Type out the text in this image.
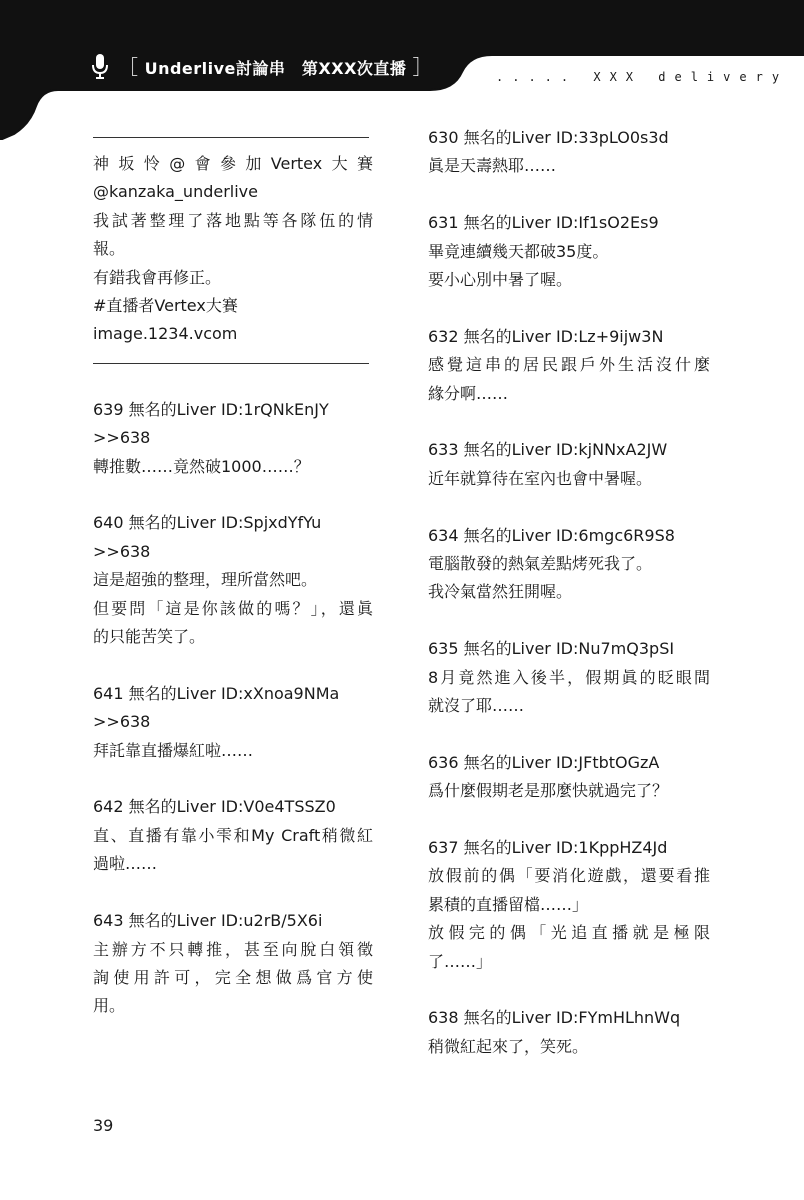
［ Underlive討論串　第XXX次直播 ］	..... XXX delivery
神坂怜@會參加Vertex大賽
@kanzaka_underlive
我試著整理了落地點等各隊伍的情
報。
有錯我會再修正。
#直播者Vertex大賽
image.1234.vcom
639 無名的Liver ID:1rQNkEnJY
>>638
轉推數……竟然破1000……？
640 無名的Liver ID:SpjxdYfYu
>>638
這是超強的整理，理所當然吧。
但要問「這是你該做的嗎？」，還眞
的只能苦笑了。
641 無名的Liver ID:xXnoa9NMa
>>638
拜託靠直播爆紅啦……
642 無名的Liver ID:V0e4TSSZ0
直、直播有靠小雫和My Craft稍微紅
過啦……
643 無名的Liver ID:u2rB/5X6i
主辦方不只轉推，甚至向脫白領徵
詢使用許可，完全想做爲官方使
用。
630 無名的Liver ID:33pLO0s3d
眞是天壽熱耶……
631 無名的Liver ID:If1sO2Es9
畢竟連續幾天都破35度。
要小心別中暑了喔。
632 無名的Liver ID:Lz+9ijw3N
感覺這串的居民跟戶外生活沒什麼
緣分啊……
633 無名的Liver ID:kjNNxA2JW
近年就算待在室內也會中暑喔。
634 無名的Liver ID:6mgc6R9S8
電腦散發的熱氣差點烤死我了。
我冷氣當然狂開喔。
635 無名的Liver ID:Nu7mQ3pSI
8月竟然進入後半，假期眞的眨眼間
就沒了耶……
636 無名的Liver ID:JFtbtOGzA
爲什麼假期老是那麼快就過完了？
637 無名的Liver ID:1KppHZ4Jd
放假前的偶「要消化遊戲，還要看推
累積的直播留檔……」
放假完的偶「光追直播就是極限
了……」
638 無名的Liver ID:FYmHLhnWq
稍微紅起來了，笑死。
39
